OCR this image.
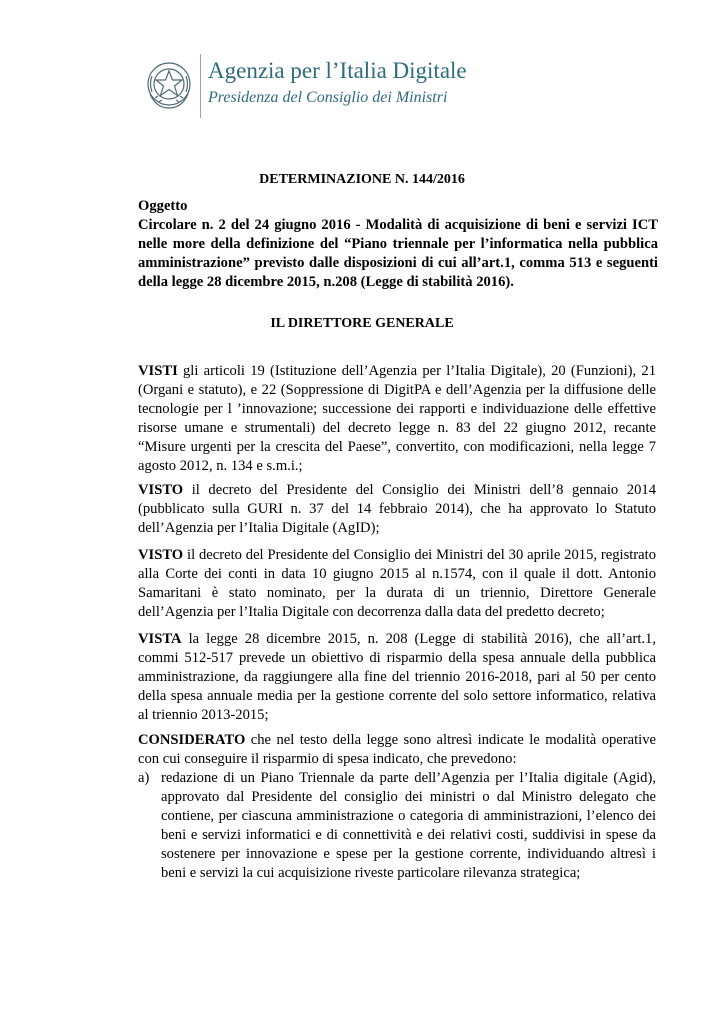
Agenzia per l’Italia Digitale
Presidenza del Consiglio dei Ministri
DETERMINAZIONE N. 144/2016
Oggetto
Circolare n. 2 del 24 giugno 2016 - Modalità di acquisizione di beni e servizi ICT nelle more della definizione del “Piano triennale per l’informatica nella pubblica amministrazione” previsto dalle disposizioni di cui all’art.1, comma 513 e seguenti della legge 28 dicembre 2015, n.208 (Legge di stabilità 2016).
IL DIRETTORE GENERALE
VISTI gli articoli 19 (Istituzione dell’Agenzia per l’Italia Digitale), 20 (Funzioni), 21 (Organi e statuto), e 22 (Soppressione di DigitPA e dell’Agenzia per la diffusione delle tecnologie per l ’innovazione; successione dei rapporti e individuazione delle effettive risorse umane e strumentali) del decreto legge n. 83 del 22 giugno 2012, recante “Misure urgenti per la crescita del Paese”, convertito, con modificazioni, nella legge 7 agosto 2012, n. 134 e s.m.i.;
VISTO il decreto del Presidente del Consiglio dei Ministri dell’8 gennaio 2014 (pubblicato sulla GURI n. 37 del 14 febbraio 2014), che ha approvato lo Statuto dell’Agenzia per l’Italia Digitale (AgID);
VISTO il decreto del Presidente del Consiglio dei Ministri del 30 aprile 2015, registrato alla Corte dei conti in data 10 giugno 2015 al n.1574, con il quale il dott. Antonio Samaritani è stato nominato, per la durata di un triennio, Direttore Generale dell’Agenzia per l’Italia Digitale con decorrenza dalla data del predetto decreto;
VISTA la legge 28 dicembre 2015, n. 208 (Legge di stabilità 2016), che all’art.1, commi 512-517 prevede un obiettivo di risparmio della spesa annuale della pubblica amministrazione, da raggiungere alla fine del triennio 2016-2018, pari al 50 per cento della spesa annuale media per la gestione corrente del solo settore informatico, relativa al triennio 2013-2015;
CONSIDERATO che nel testo della legge sono altresì indicate le modalità operative con cui conseguire il risparmio di spesa indicato, che prevedono:
a) redazione di un Piano Triennale da parte dell’Agenzia per l’Italia digitale (Agid), approvato dal Presidente del consiglio dei ministri o dal Ministro delegato che contiene, per ciascuna amministrazione o categoria di amministrazioni, l’elenco dei beni e servizi informatici e di connettività e dei relativi costi, suddivisi in spese da sostenere per innovazione e spese per la gestione corrente, individuando altresì i beni e servizi la cui acquisizione riveste particolare rilevanza strategica;
